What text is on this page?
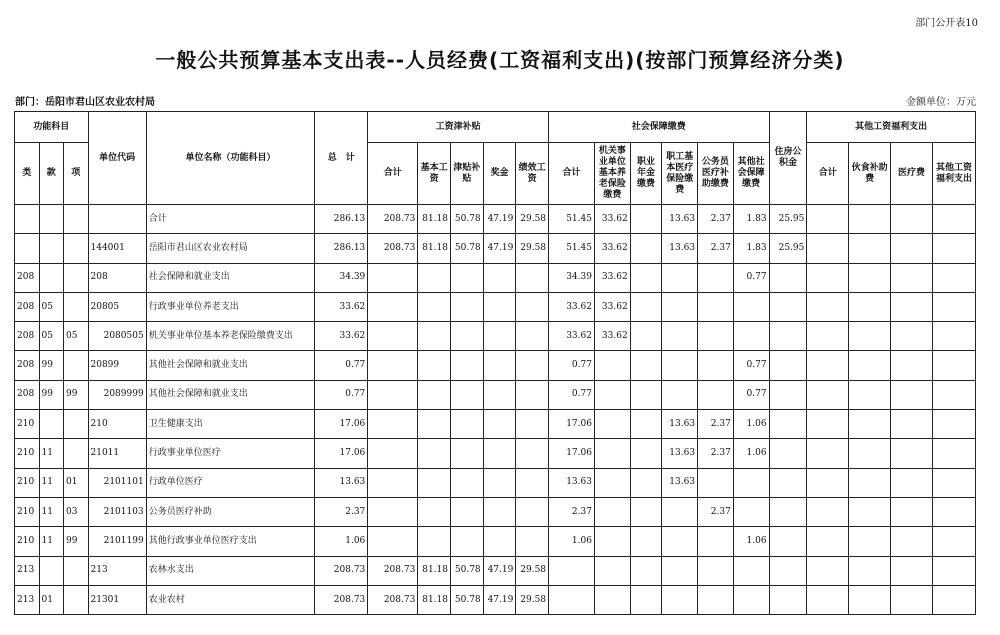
部门公开表10
一般公共预算基本支出表--人员经费(工资福利支出)(按部门预算经济分类)
部门：岳阳市君山区农业农村局	金额单位：万元
功能科目			单位代码	单位名称（功能科目）	总　计	工资津补贴					社会保障缴费						住房公积金	其他工资福利支出			
类	款	项				合计	基本工资	津贴补贴	奖金	绩效工资	合计	机关事业单位基本养老保险缴费	职业年金缴费	职工基本医疗保险缴费	公务员医疗补助缴费	其他社会保障缴费		合计	伙食补助费	医疗费	其他工资福利支出
				合计	286.13	208.73	81.18	50.78	47.19	29.58	51.45	33.62		13.63	2.37	1.83	25.95				
			144001	岳阳市君山区农业农村局	286.13	208.73	81.18	50.78	47.19	29.58	51.45	33.62		13.63	2.37	1.83	25.95				
208			208	社会保障和就业支出	34.39						34.39	33.62				0.77					
208	05		20805	行政事业单位养老支出	33.62						33.62	33.62									
208	05	05	2080505	机关事业单位基本养老保险缴费支出	33.62						33.62	33.62									
208	99		20899	其他社会保障和就业支出	0.77						0.77					0.77					
208	99	99	2089999	其他社会保障和就业支出	0.77						0.77					0.77					
210			210	卫生健康支出	17.06						17.06			13.63	2.37	1.06					
210	11		21011	行政事业单位医疗	17.06						17.06			13.63	2.37	1.06					
210	11	01	2101101	行政单位医疗	13.63						13.63			13.63							
210	11	03	2101103	公务员医疗补助	2.37						2.37				2.37						
210	11	99	2101199	其他行政事业单位医疗支出	1.06						1.06					1.06					
213			213	农林水支出	208.73	208.73	81.18	50.78	47.19	29.58											
213	01		21301	农业农村	208.73	208.73	81.18	50.78	47.19	29.58											
